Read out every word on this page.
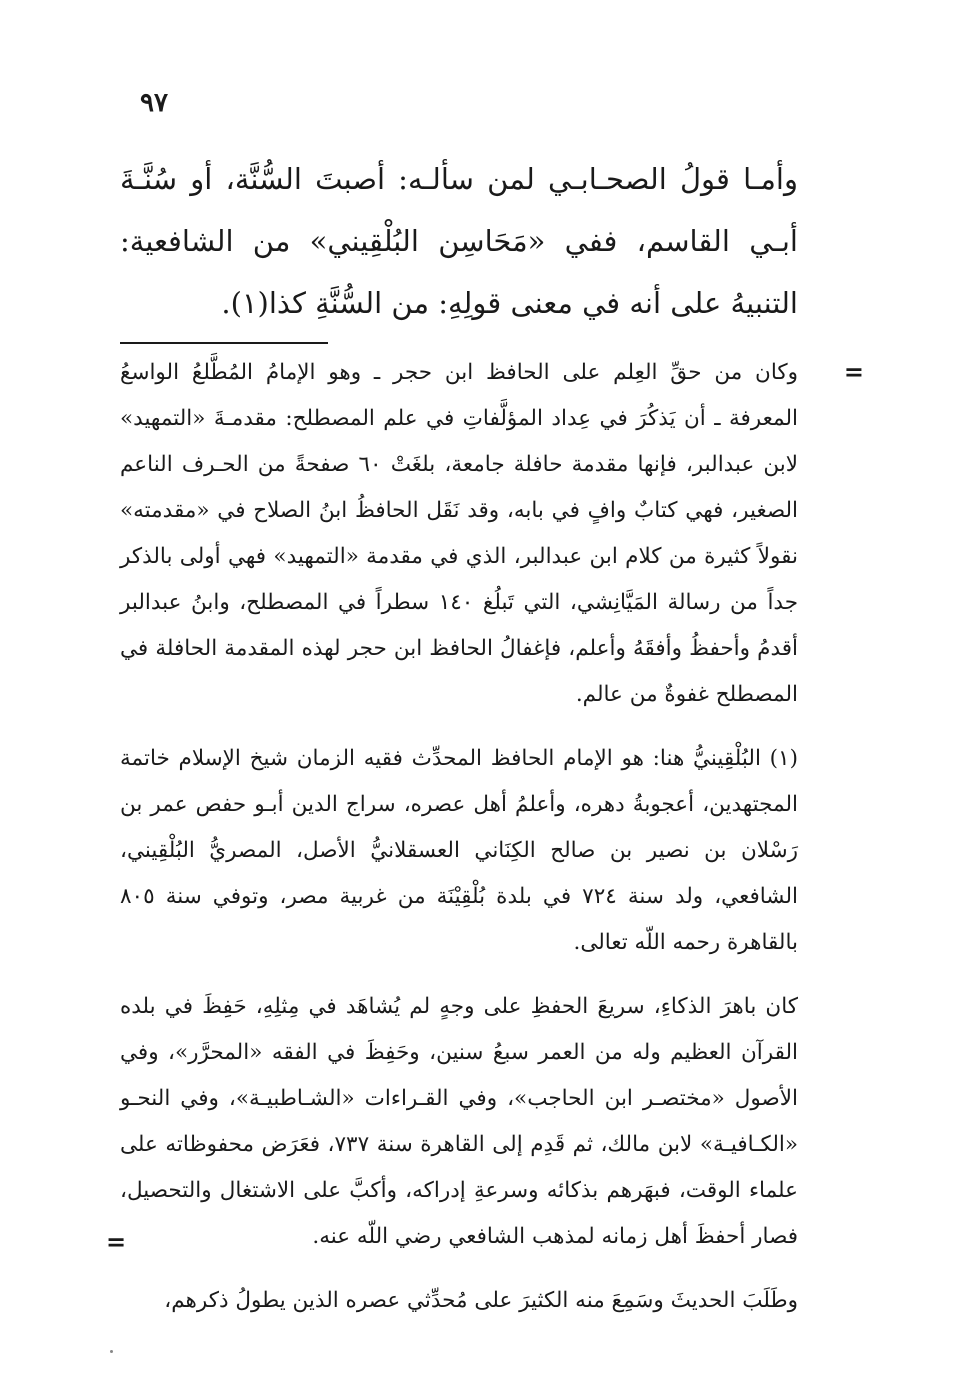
٩٧

وأمـا قولُ الصحـابـي لمن سألـه: أصبتَ السُّنَّة، أو سُنَّـةَ أبـي القاسم، ففي «مَحَاسِن البُلْقِيني» من الشافعية: التنبيهُ على أنه في معنى قولِهِ: من السُّنَّةِ كذا(١).

=

وكان من حقِّ العِلم على الحافظ ابن حجر ـ وهو الإمامُ المُطَّلعُ الواسعُ المعرفة ـ أن يَذكُرَ في عِداد المؤلَّفاتِ في علم المصطلح: مقدمـةَ «التمهيد» لابن عبدالبر، فإنها مقدمة حافلة جامعة، بلغَتْ ٦٠ صفحةً من الحـرف الناعم الصغير، فهي كتابٌ وافٍ في بابه، وقد نَقَل الحافظُ ابنُ الصلاح في «مقدمته» نقولاً كثيرة من كلام ابن عبدالبر، الذي في مقدمة «التمهيد» فهي أولى بالذكر جداً من رسالة المَيَّانِشي، التي تَبلُغ ١٤٠ سطراً في المصطلح، وابنُ عبدالبر أقدمُ وأحفظُ وأفقَهُ وأعلم، فإغفالُ الحافظ ابن حجر لهذه المقدمة الحافلة في المصطلح غفوةٌ من عالم.

(١) البُلْقِينيُّ هنا: هو الإمام الحافظ المحدِّث فقيه الزمان شيخ الإسلام خاتمة المجتهدين، أعجوبةُ دهره، وأعلمُ أهل عصره، سراج الدين أبـو حفص عمر بن رَسْلان بن نصير بن صالح الكِنَاني العسقلانيُّ الأصل، المصريُّ البُلْقِيني، الشافعي، ولد سنة ٧٢٤ في بلدة بُلْقِيْنَة من غربية مصر، وتوفي سنة ٨٠٥ بالقاهرة رحمه اللّه تعالى.

كان باهرَ الذكاءِ، سريعَ الحفظِ على وجهٍ لم يُشاهَد في مِثلِهِ، حَفِظَ في بلده القرآن العظيم وله من العمر سبعُ سنين، وحَفِظَ في الفقه «المحرَّر»، وفي الأصول «مختصـر ابن الحاجب»، وفي القـراءات «الشـاطبيـة»، وفي النحـو «الكـافيـة» لابن مالك، ثم قَدِم إلى القاهرة سنة ٧٣٧، فعَرَض محفوظاته على علماء الوقت، فبهَرهم بذكائه وسرعةِ إدراكه، وأكبَّ على الاشتغال والتحصيل، فصار أحفظَ أهل زمانه لمذهب الشافعي رضي اللّه عنه.

وطَلَبَ الحديثَ وسَمِعَ منه الكثيرَ على مُحدِّثي عصره الذين يطولُ ذكرهم،

=
